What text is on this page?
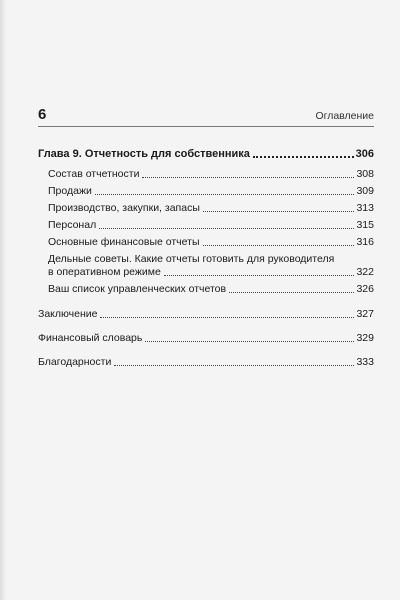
6	Оглавление
Глава 9. Отчетность для собственника	306
Состав отчетности	308
Продажи	309
Производство, закупки, запасы	313
Персонал	315
Основные финансовые отчеты	316
Дельные советы. Какие отчеты готовить для руководителя
в оперативном режиме	322
Ваш список управленческих отчетов	326
Заключение	327
Финансовый словарь	329
Благодарности	333
